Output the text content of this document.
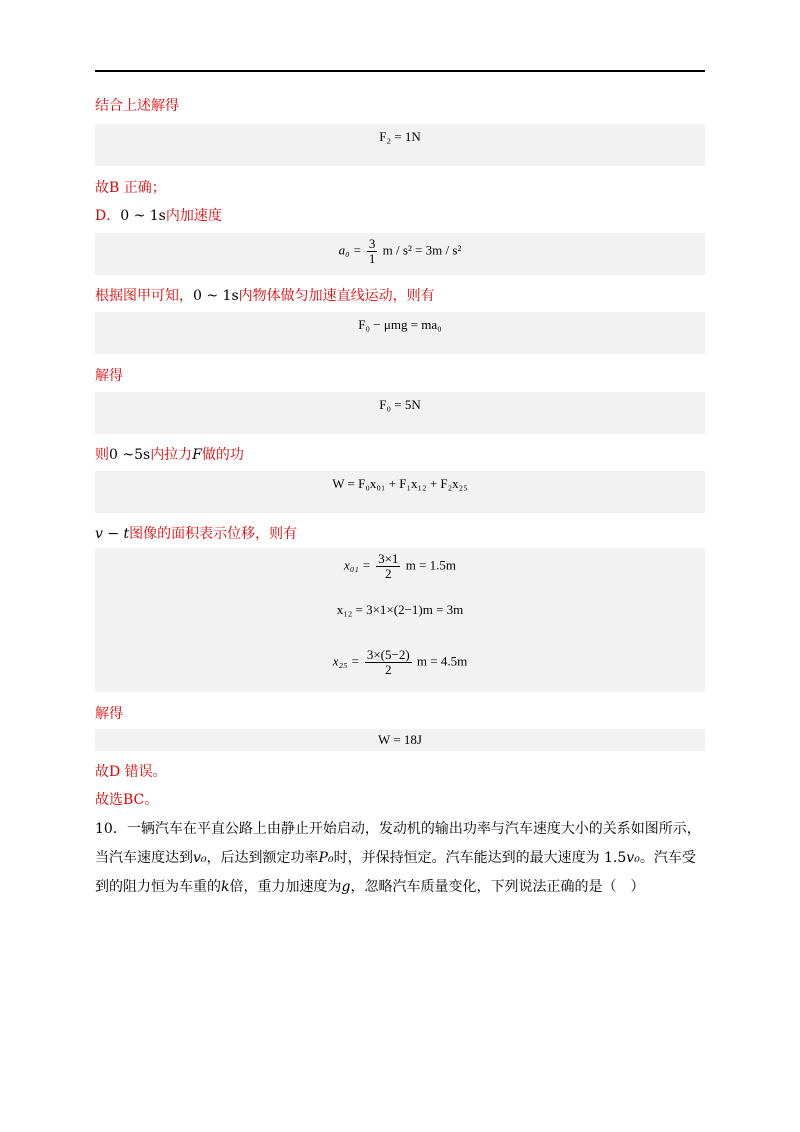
结合上述解得
F₂ = 1N
故B 正确；
D．0 ~ 1s内加速度
$a_0 = \frac{3}{1}$ m / s² = 3m / s²
根据图甲可知，0 ~ 1s内物体做匀加速直线运动，则有
F₀ − μmg = ma₀
解得
F₀ = 5N
则0 ~5s内拉力F做的功
W = F₀x₀₁ + F₁x₁₂ + F₂x₂₅
v − t图像的面积表示位移，则有
$x_{01} = \frac{3\times 1}{2}$ m = 1.5m
x₁₂ = 3×1×(2−1)m = 3m
$x_{25} = \frac{3\times(5-2)}{2}$ m = 4.5m
解得
W = 18J
故D 错误。
故选BC。
10．一辆汽车在平直公路上由静止开始启动，发动机的输出功率与汽车速度大小的关系如图所示，
当汽车速度达到v₀，后达到额定功率P₀时，并保持恒定。汽车能达到的最大速度为 1.5v₀。汽车受
到的阻力恒为车重的k倍，重力加速度为g，忽略汽车质量变化，下列说法正确的是（　）
